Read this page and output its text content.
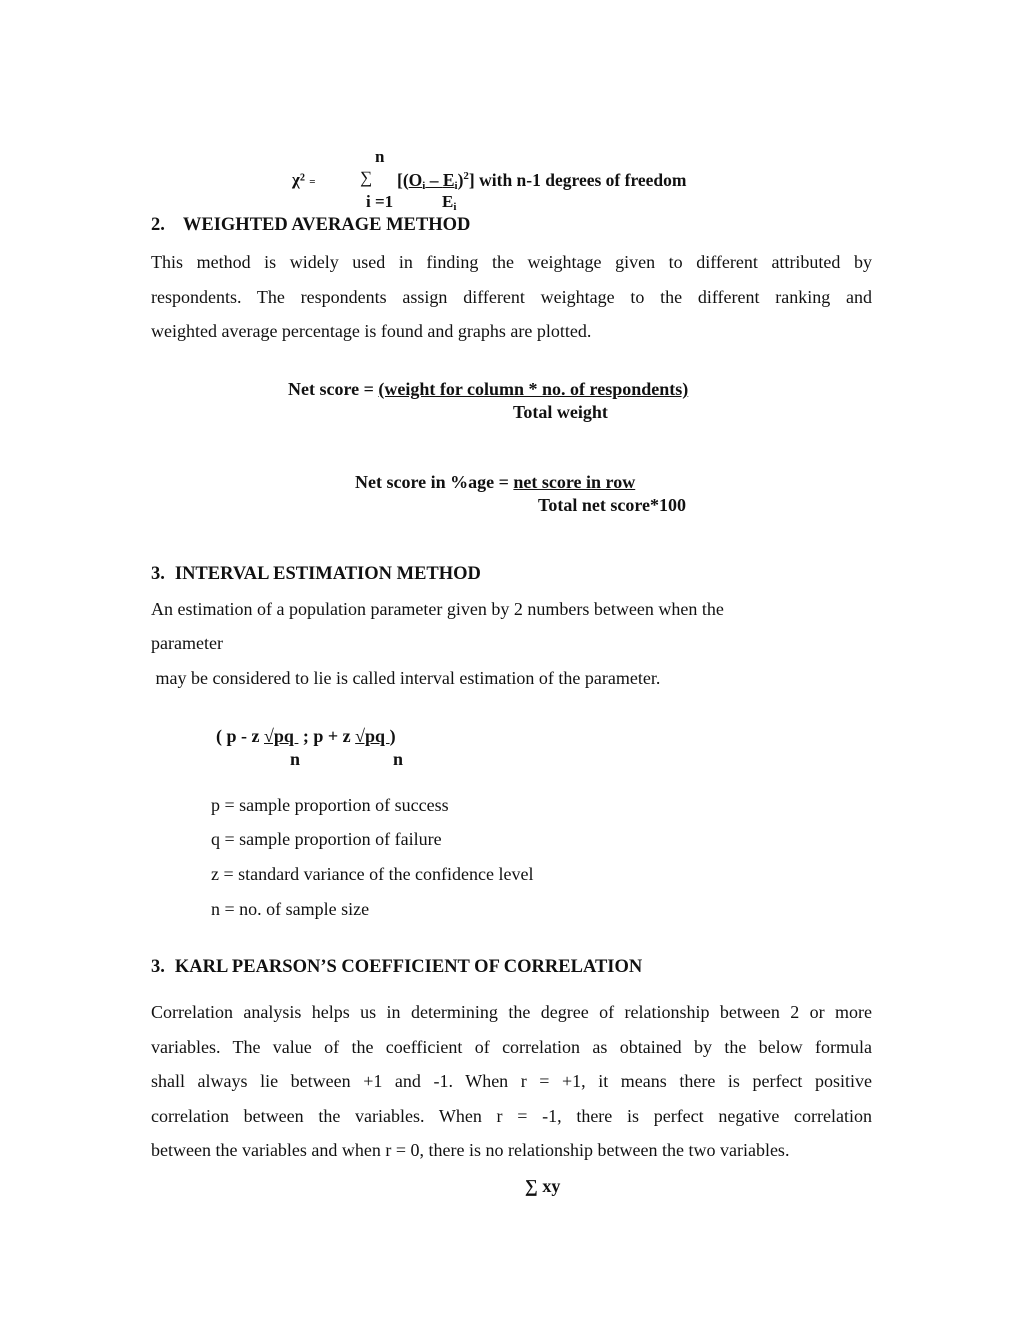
n
χ² =	∑ $[(O_i - E_i)^2]$ with n-1 degrees of freedom
i =1	$E_i$
2. WEIGHTED AVERAGE METHOD
This method is widely used in finding the weightage given to different attributed by
respondents. The respondents assign different weightage to the different ranking and
weighted average percentage is found and graphs are plotted.
Net score = (weight for column * no. of respondents)
Total weight
Net score in %age = net score in row
Total net score*100
3. INTERVAL ESTIMATION METHOD
An estimation of a population parameter given by 2 numbers between when the
parameter
may be considered to lie is called interval estimation of the parameter.
( p - z √pq  ; p + z √pq )
n	n
p = sample proportion of success
q = sample proportion of failure
z = standard variance of the confidence level
n = no. of sample size
3. KARL PEARSON’S COEFFICIENT OF CORRELATION
Correlation analysis helps us in determining the degree of relationship between 2 or more
variables. The value of the coefficient of correlation as obtained by the below formula
shall always lie between +1 and -1. When r = +1, it means there is perfect positive
correlation between the variables. When r = -1, there is perfect negative correlation
between the variables and when r = 0, there is no relationship between the two variables.
∑ xy
